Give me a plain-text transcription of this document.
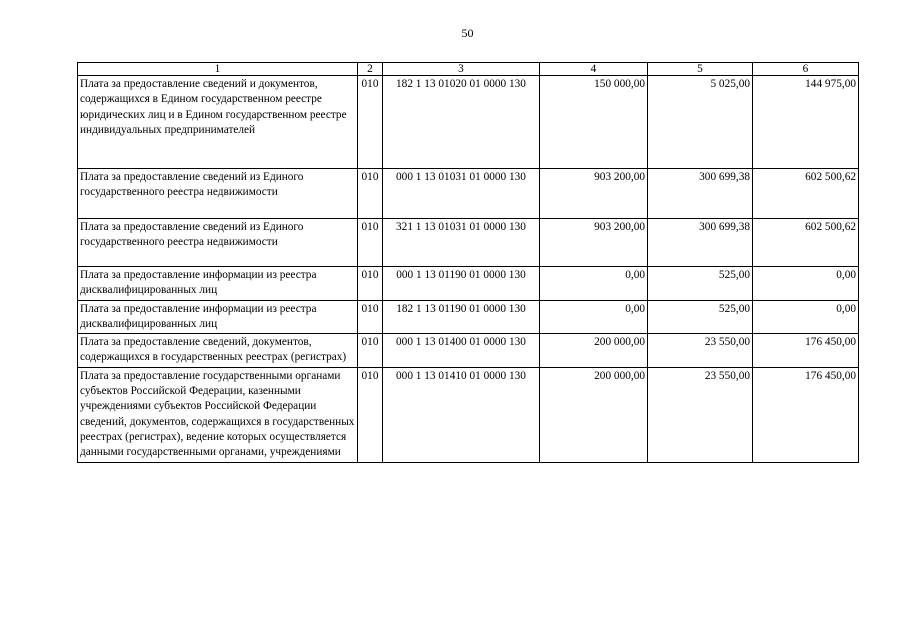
50
1	2	3	4	5	6
Плата за предоставление сведений и документов, содержащихся в Едином государственном реестре юридических лиц и в Едином государственном реестре индивидуальных предпринимателей	010	182 1 13 01020 01 0000 130	150 000,00	5 025,00	144 975,00
Плата за предоставление сведений из Единого государственного реестра недвижимости	010	000 1 13 01031 01 0000 130	903 200,00	300 699,38	602 500,62
Плата за предоставление сведений из Единого государственного реестра недвижимости	010	321 1 13 01031 01 0000 130	903 200,00	300 699,38	602 500,62
Плата за предоставление информации из реестра дисквалифицированных лиц	010	000 1 13 01190 01 0000 130	0,00	525,00	0,00
Плата за предоставление информации из реестра дисквалифицированных лиц	010	182 1 13 01190 01 0000 130	0,00	525,00	0,00
Плата за предоставление сведений, документов, содержащихся в государственных реестрах (регистрах)	010	000 1 13 01400 01 0000 130	200 000,00	23 550,00	176 450,00

Плата за предоставление государственными органами субъектов Российской Федерации, казенными учреждениями субъектов Российской Федерации сведений, документов, содержащихся в государственных реестрах (регистрах), ведение которых осуществляется данными государственными органами, учреждениями	010	000 1 13 01410 01 0000 130	200 000,00	23 550,00	176 450,00
